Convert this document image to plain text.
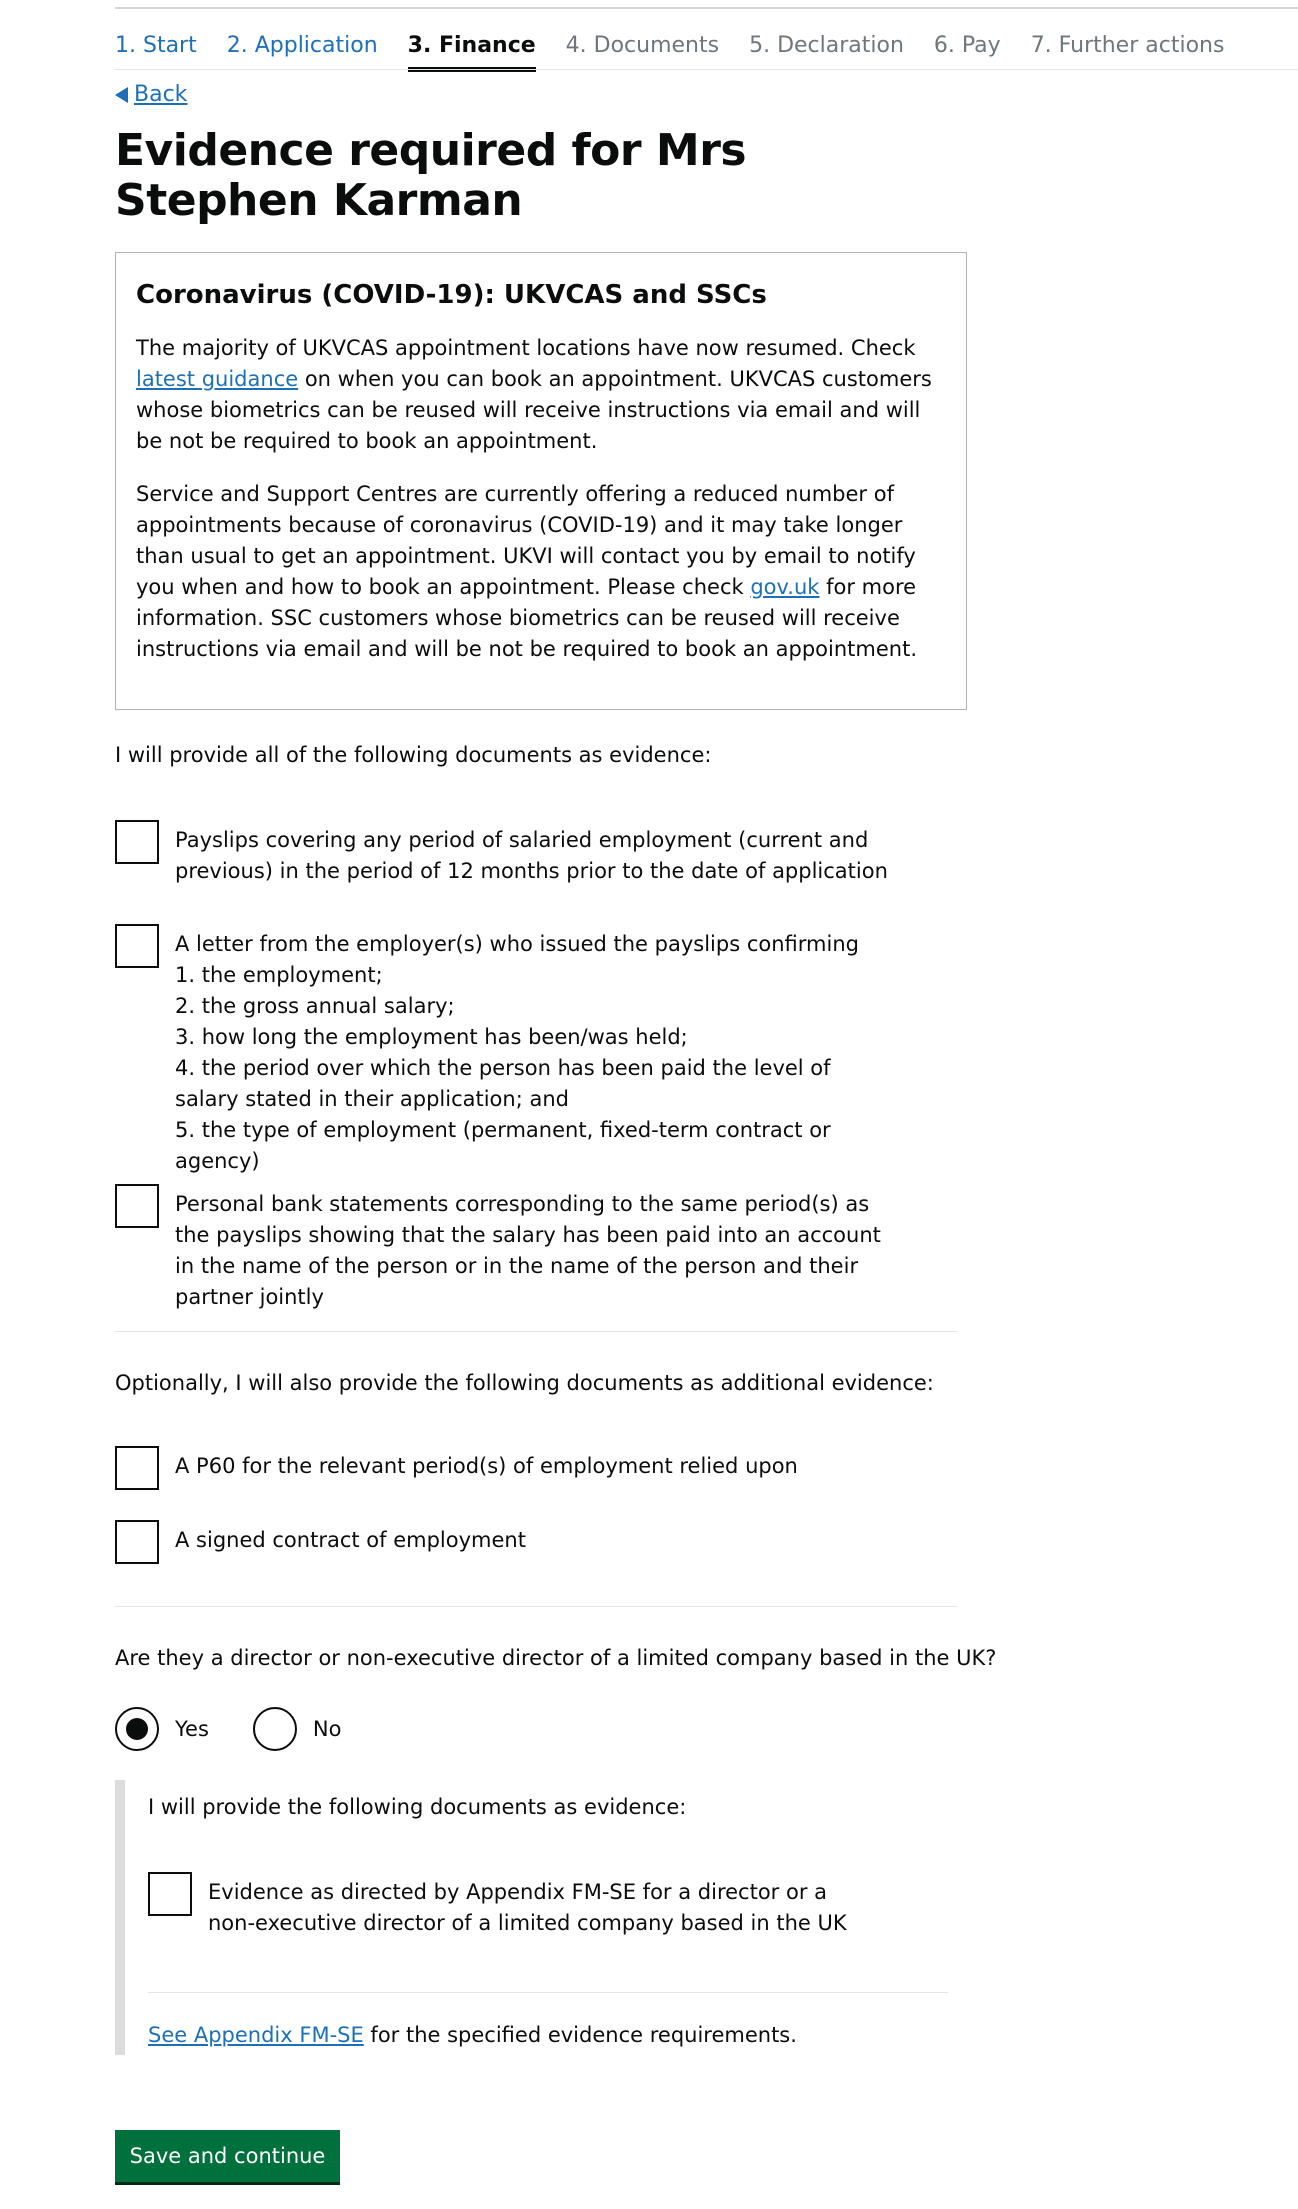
1. Start 2. Application 3. Finance 4. Documents 5. Declaration 6. Pay 7. Further actions
Back
Evidence required for Mrs Stephen Karman
Coronavirus (COVID-19): UKVCAS and SSCs

The majority of UKVCAS appointment locations have now resumed. Check latest guidance on when you can book an appointment. UKVCAS customers whose biometrics can be reused will receive instructions via email and will be not be required to book an appointment.

Service and Support Centres are currently offering a reduced number of appointments because of coronavirus (COVID-19) and it may take longer than usual to get an appointment. UKVI will contact you by email to notify you when and how to book an appointment. Please check gov.uk for more information. SSC customers whose biometrics can be reused will receive instructions via email and will be not be required to book an appointment.

I will provide all of the following documents as evidence:
Payslips covering any period of salaried employment (current and previous) in the period of 12 months prior to the date of application
A letter from the employer(s) who issued the payslips confirming
1. the employment;
2. the gross annual salary;
3. how long the employment has been/was held;
4. the period over which the person has been paid the level of salary stated in their application; and
5. the type of employment (permanent, fixed-term contract or agency)
Personal bank statements corresponding to the same period(s) as the payslips showing that the salary has been paid into an account in the name of the person or in the name of the person and their partner jointly
Optionally, I will also provide the following documents as additional evidence:
A P60 for the relevant period(s) of employment relied upon
A signed contract of employment
Are they a director or non-executive director of a limited company based in the UK?
Yes	No
I will provide the following documents as evidence:
Evidence as directed by Appendix FM-SE for a director or a non-executive director of a limited company based in the UK
See Appendix FM-SE for the specified evidence requirements.
Save and continue
